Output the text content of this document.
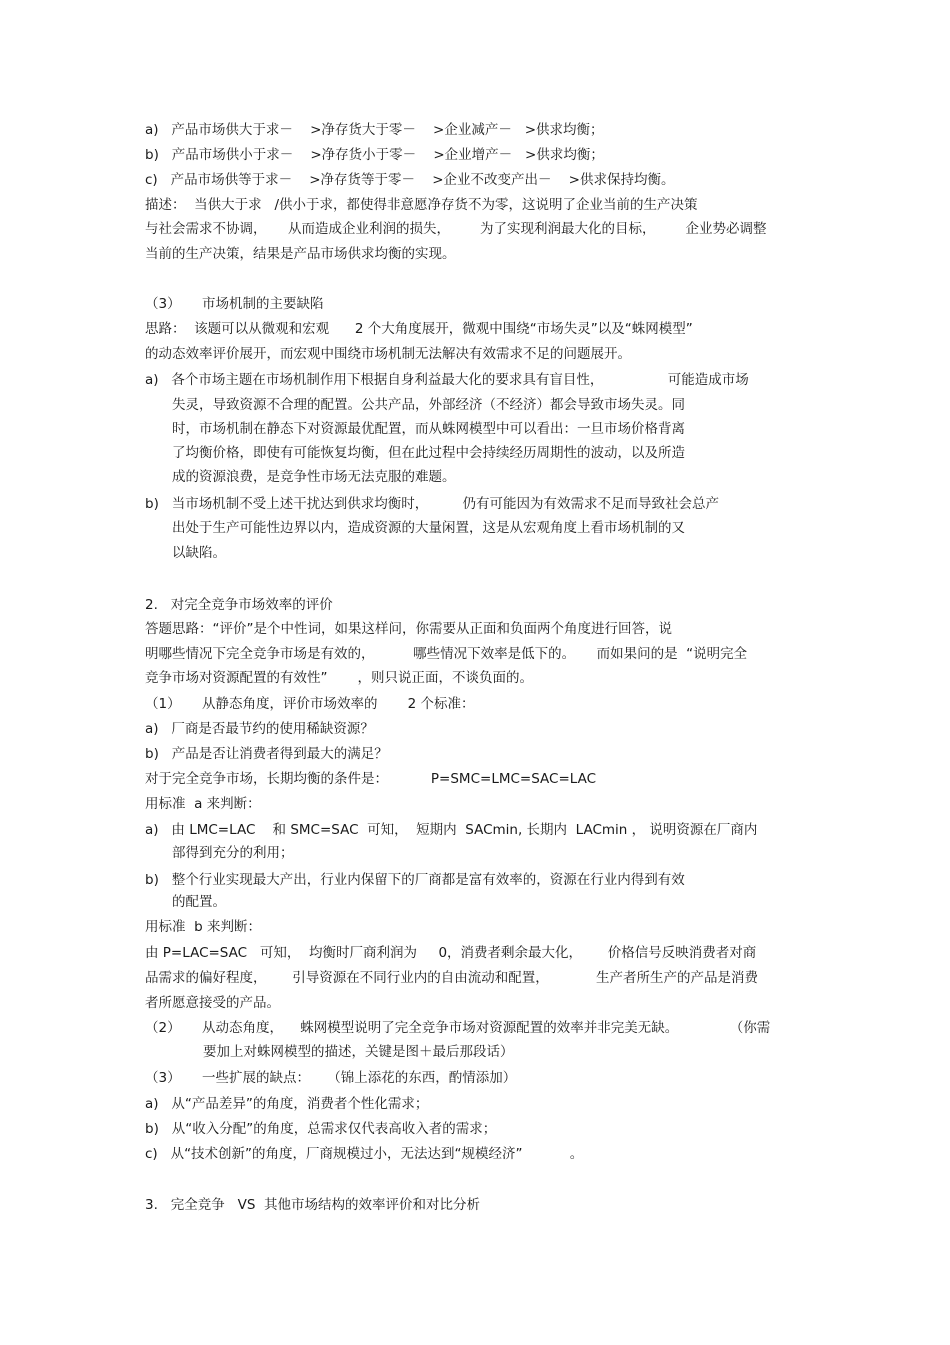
a)   产品市场供大于求－    >净存货大于零－    >企业减产－   >供求均衡；
b)   产品市场供小于求－    >净存货小于零－    >企业增产－   >供求均衡；
c)   产品市场供等于求－    >净存货等于零－    >企业不改变产出－    >供求保持均衡。
描述：  当供大于求   /供小于求，都使得非意愿净存货不为零，这说明了企业当前的生产决策
与社会需求不协调，     从而造成企业利润的损失，       为了实现利润最大化的目标，       企业势必调整
当前的生产决策，结果是产品市场供求均衡的实现。
（3）     市场机制的主要缺陷
思路：  该题可以从微观和宏观      2 个大角度展开，微观中围绕“市场失灵”以及“蛛网模型”
的动态效率评价展开，而宏观中围绕市场机制无法解决有效需求不足的问题展开。
a)   各个市场主题在市场机制作用下根据自身利益最大化的要求具有盲目性，               可能造成市场
失灵，导致资源不合理的配置。公共产品，外部经济（不经济）都会导致市场失灵。同
时，市场机制在静态下对资源最优配置，而从蛛网模型中可以看出：一旦市场价格背离
了均衡价格，即使有可能恢复均衡，但在此过程中会持续经历周期性的波动，以及所造
成的资源浪费，是竞争性市场无法克服的难题。
b)   当市场机制不受上述干扰达到供求均衡时，        仍有可能因为有效需求不足而导致社会总产
出处于生产可能性边界以内，造成资源的大量闲置，这是从宏观角度上看市场机制的又
以缺陷。
2.   对完全竞争市场效率的评价
答题思路：“评价”是个中性词，如果这样问，你需要从正面和负面两个角度进行回答，说
明哪些情况下完全竞争市场是有效的，         哪些情况下效率是低下的。     而如果问的是  “说明完全
竞争市场对资源配置的有效性”       ，则只说正面，不谈负面的。
（1）     从静态角度，评价市场效率的       2 个标准：
a)   厂商是否最节约的使用稀缺资源？
b)   产品是否让消费者得到最大的满足？
对于完全竞争市场，长期均衡的条件是：          P=SMC=LMC=SAC=LAC
用标准  a 来判断：
a)   由 LMC=LAC    和 SMC=SAC  可知，  短期内  SACmin, 长期内  LACmin ， 说明资源在厂商内
部得到充分的利用；
b)   整个行业实现最大产出，行业内保留下的厂商都是富有效率的，资源在行业内得到有效
的配置。
用标准  b 来判断：
由 P=LAC=SAC   可知，  均衡时厂商利润为     0，消费者剩余最大化，      价格信号反映消费者对商
品需求的偏好程度，      引导资源在不同行业内的自由流动和配置，           生产者所生产的产品是消费
者所愿意接受的产品。
（2）     从动态角度，    蛛网模型说明了完全竞争市场对资源配置的效率并非完美无缺。            （你需
要加上对蛛网模型的描述，关键是图＋最后那段话）
（3）     一些扩展的缺点：    （锦上添花的东西，酌情添加）
a)   从“产品差异”的角度，消费者个性化需求；
b)   从“收入分配”的角度，总需求仅代表高收入者的需求；
c)   从“技术创新”的角度，厂商规模过小，无法达到“规模经济”           。
3.   完全竞争   VS  其他市场结构的效率评价和对比分析
